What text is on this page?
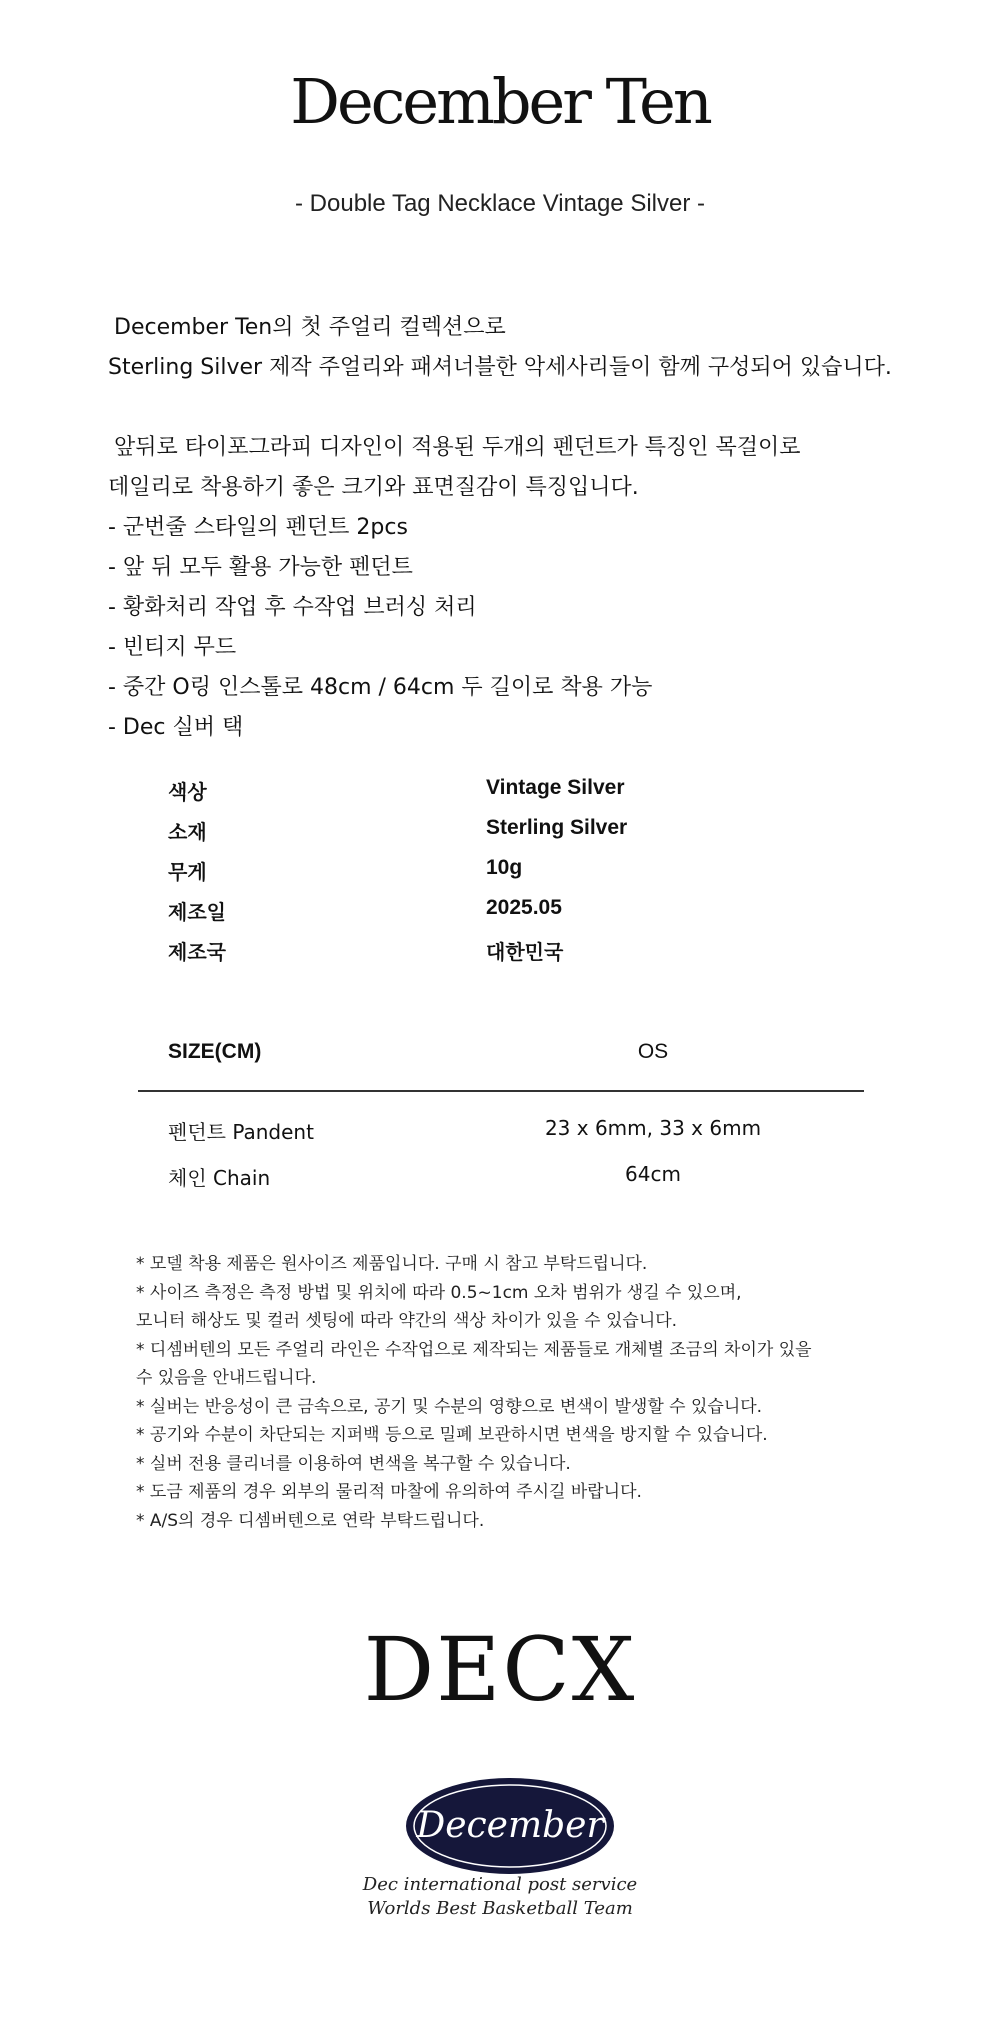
December Ten
- Double Tag Necklace Vintage Silver -
December Ten의 첫 주얼리 컬렉션으로
Sterling Silver 제작 주얼리와 패셔너블한 악세사리들이 함께 구성되어 있습니다.
앞뒤로 타이포그라피 디자인이 적용된 두개의 펜던트가 특징인 목걸이로
데일리로 착용하기 좋은 크기와 표면질감이 특징입니다.
- 군번줄 스타일의 펜던트 2pcs
- 앞 뒤 모두 활용 가능한 펜던트
- 황화처리 작업 후 수작업 브러싱 처리
- 빈티지 무드
- 중간 O링 인스톨로 48cm / 64cm 두 길이로 착용 가능
- Dec 실버 택
색상	Vintage Silver
소재	Sterling Silver
무게	10g
제조일	2025.05
제조국	대한민국
SIZE(CM)	OS
펜던트 Pandent	23 x 6mm, 33 x 6mm
체인 Chain	64cm
* 모델 착용 제품은 원사이즈 제품입니다. 구매 시 참고 부탁드립니다.
* 사이즈 측정은 측정 방법 및 위치에 따라 0.5~1cm 오차 범위가 생길 수 있으며,
모니터 해상도 및 컬러 셋팅에 따라 약간의 색상 차이가 있을 수 있습니다.
* 디셈버텐의 모든 주얼리 라인은 수작업으로 제작되는 제품들로 개체별 조금의 차이가 있을
수 있음을 안내드립니다.
* 실버는 반응성이 큰 금속으로, 공기 및 수분의 영향으로 변색이 발생할 수 있습니다.
* 공기와 수분이 차단되는 지퍼백 등으로 밀폐 보관하시면 변색을 방지할 수 있습니다.
* 실버 전용 클리너를 이용하여 변색을 복구할 수 있습니다.
* 도금 제품의 경우 외부의 물리적 마찰에 유의하여 주시길 바랍니다.
* A/S의 경우 디셈버텐으로 연락 부탁드립니다.
DECX
December
Dec international post service
Worlds Best Basketball Team
